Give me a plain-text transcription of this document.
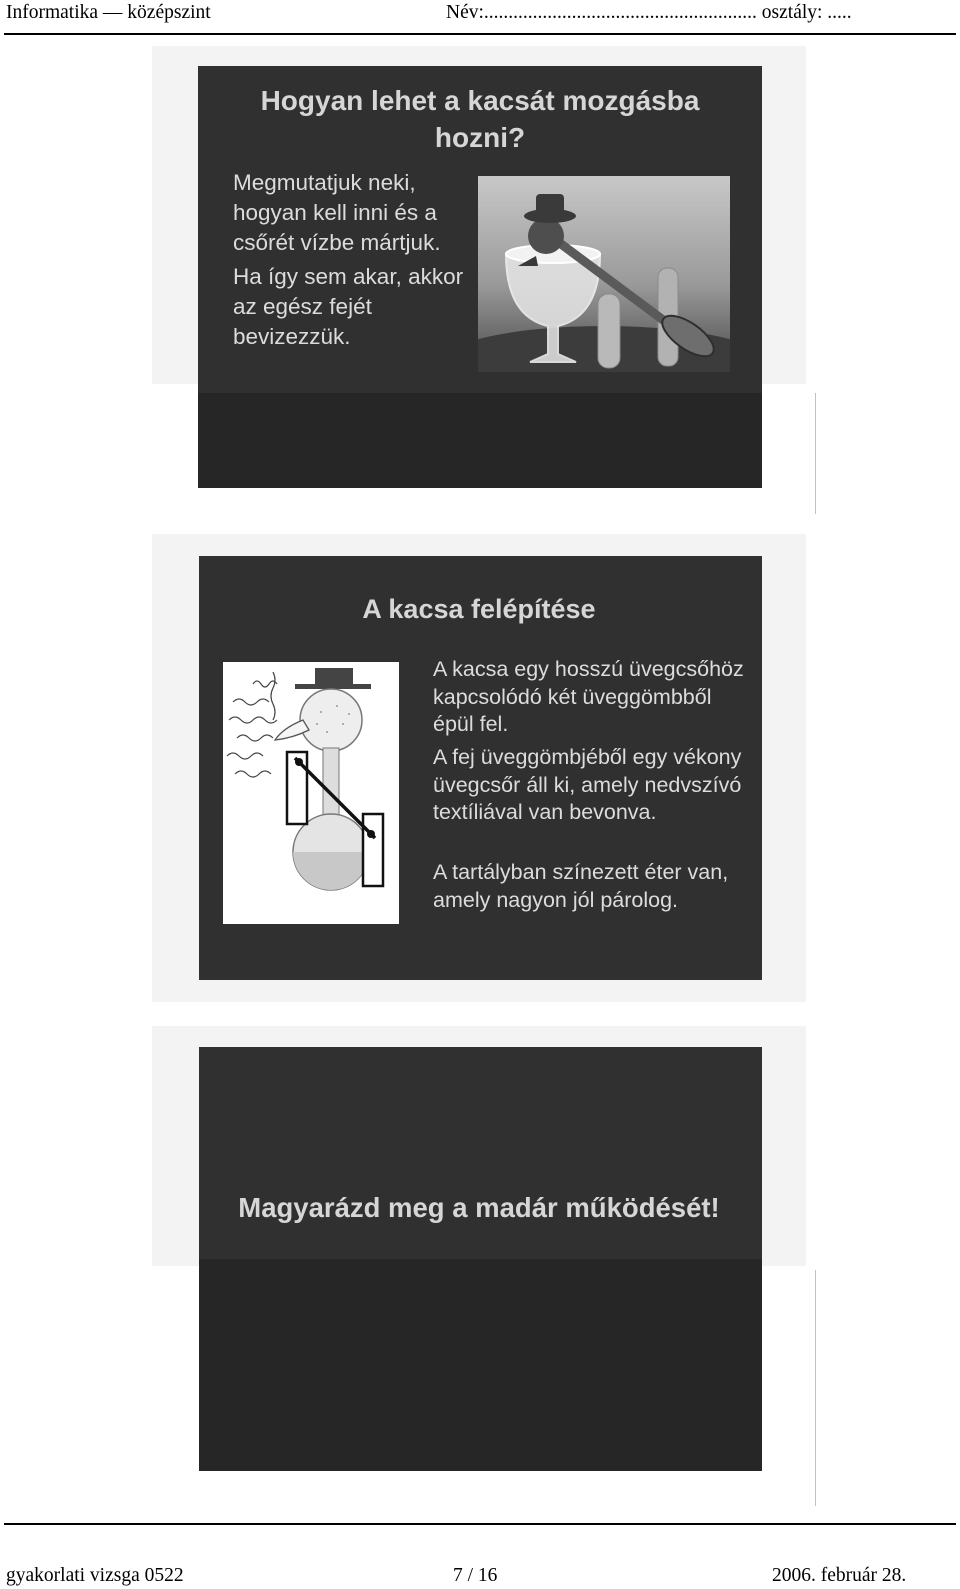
Informatika — középszint	Név:........................................................ osztály: .....
Hogyan lehet a kacsát mozgásba hozni?
Megmutatjuk neki, hogyan kell inni és a csőrét vízbe mártjuk.
Ha így sem akar, akkor az egész fejét bevizezzük.
A kacsa felépítése
A kacsa egy hosszú üvegcsőhöz kapcsolódó két üveggömbből épül fel.
A fej üveggömbjéből egy vékony üvegcsőr áll ki, amely nedvszívó textíliával van bevonva.
A tartályban színezett éter van, amely nagyon jól párolog.
Magyarázd meg a madár működését!
gyakorlati vizsga 0522	7 / 16	2006. február 28.
